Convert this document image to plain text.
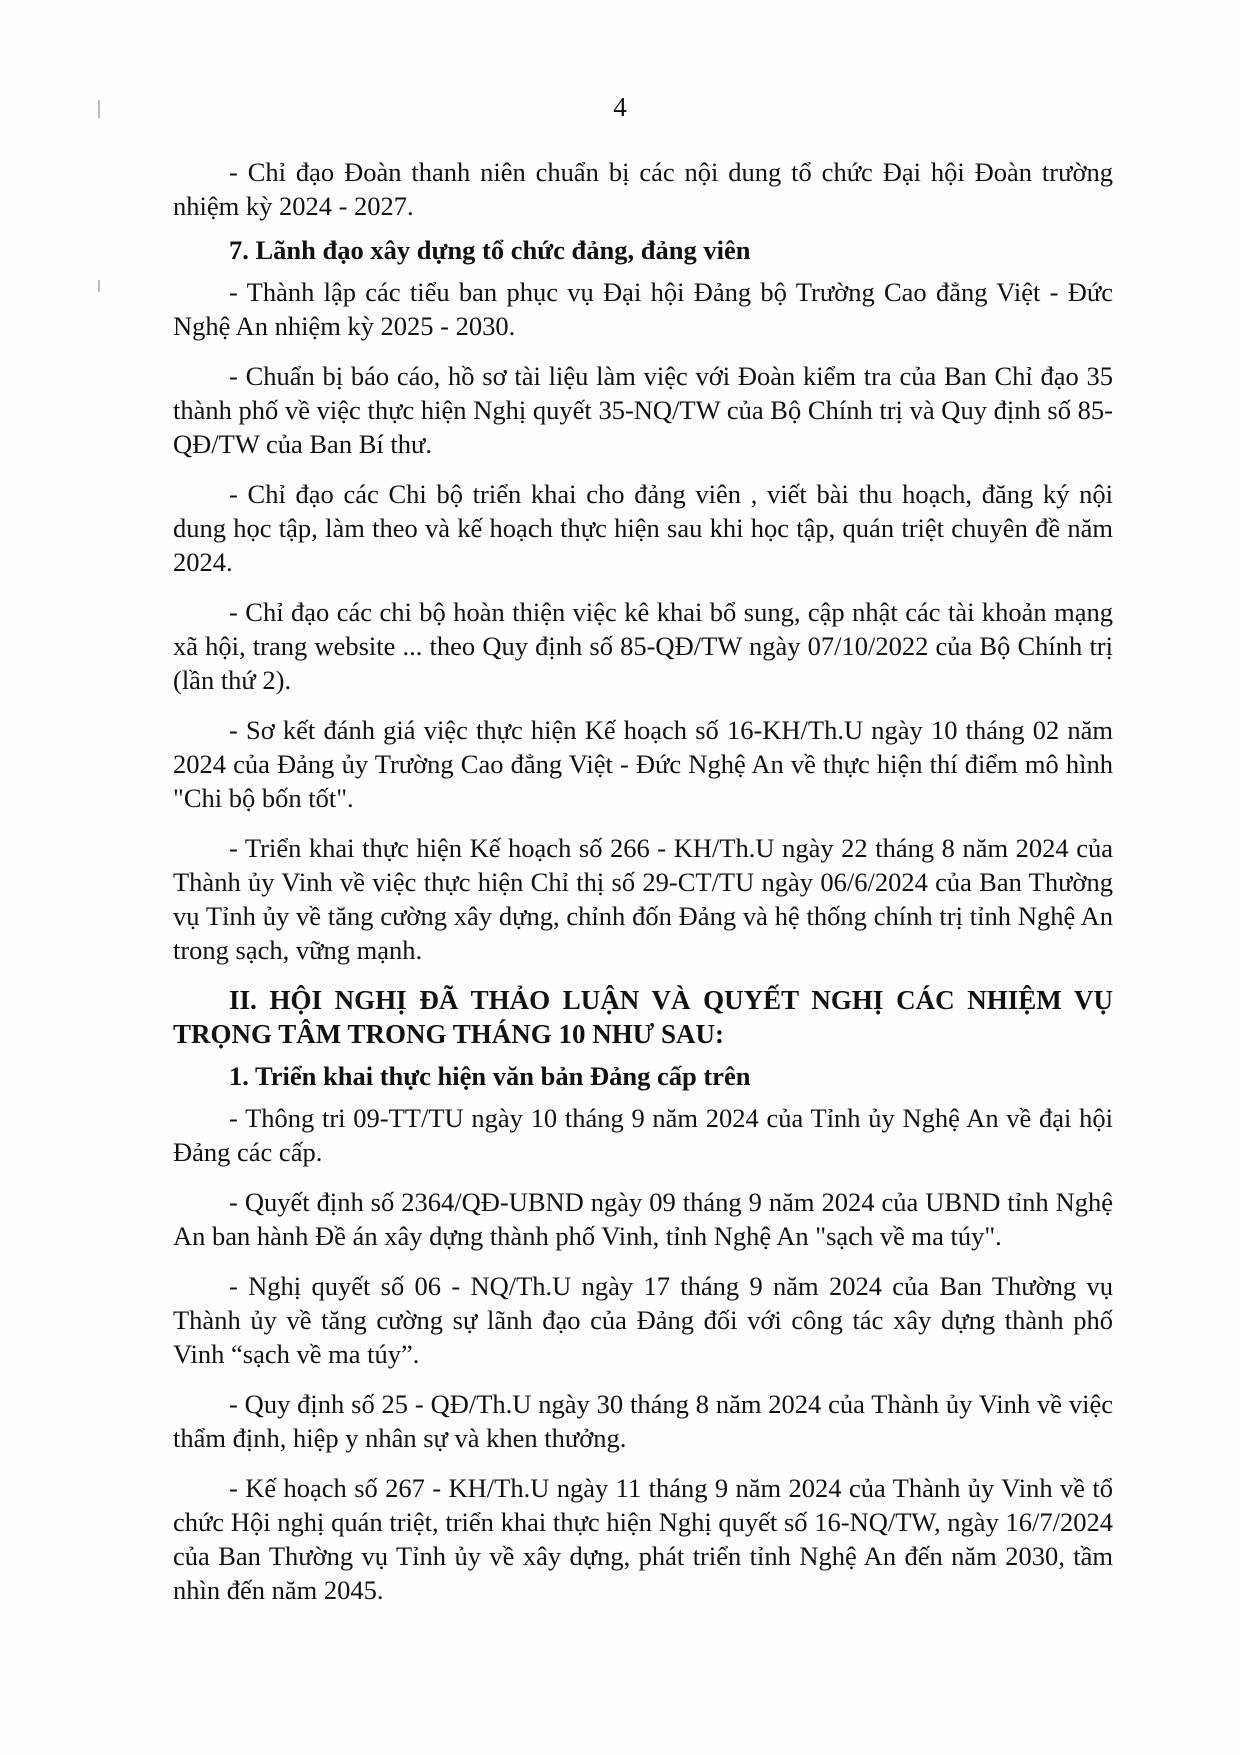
4

- Chỉ đạo Đoàn thanh niên chuẩn bị các nội dung tổ chức Đại hội Đoàn trường nhiệm kỳ 2024 - 2027.

7. Lãnh đạo xây dựng tổ chức đảng, đảng viên

- Thành lập các tiểu ban phục vụ Đại hội Đảng bộ Trường Cao đẳng Việt - Đức Nghệ An nhiệm kỳ 2025 - 2030.

- Chuẩn bị báo cáo, hồ sơ tài liệu làm việc với Đoàn kiểm tra của Ban Chỉ đạo 35 thành phố về việc thực hiện Nghị quyết 35-NQ/TW của Bộ Chính trị và Quy định số 85-QĐ/TW của Ban Bí thư.

- Chỉ đạo các Chi bộ triển khai cho đảng viên , viết bài thu hoạch, đăng ký nội dung học tập, làm theo và kế hoạch thực hiện sau khi học tập, quán triệt chuyên đề năm 2024.

- Chỉ đạo các chi bộ hoàn thiện việc kê khai bổ sung, cập nhật các tài khoản mạng xã hội, trang website ... theo Quy định số 85-QĐ/TW ngày 07/10/2022 của Bộ Chính trị (lần thứ 2).

- Sơ kết đánh giá việc thực hiện Kế hoạch số 16-KH/Th.U ngày 10 tháng 02 năm 2024 của Đảng ủy Trường Cao đẳng Việt - Đức Nghệ An về thực hiện thí điểm mô hình "Chi bộ bốn tốt".

- Triển khai thực hiện Kế hoạch số 266 - KH/Th.U ngày 22 tháng 8 năm 2024 của Thành ủy Vinh về việc thực hiện Chỉ thị số 29-CT/TU ngày 06/6/2024 của Ban Thường vụ Tỉnh ủy về tăng cường xây dựng, chỉnh đốn Đảng và hệ thống chính trị tỉnh Nghệ An trong sạch, vững mạnh.

II. HỘI NGHỊ ĐÃ THẢO LUẬN VÀ QUYẾT NGHỊ CÁC NHIỆM VỤ TRỌNG TÂM TRONG THÁNG 10 NHƯ SAU:

1. Triển khai thực hiện văn bản Đảng cấp trên

- Thông tri 09-TT/TU ngày 10 tháng 9 năm 2024 của Tỉnh ủy Nghệ An về đại hội Đảng các cấp.

- Quyết định số 2364/QĐ-UBND ngày 09 tháng 9 năm 2024 của UBND tỉnh Nghệ An ban hành Đề án xây dựng thành phố Vinh, tỉnh Nghệ An "sạch về ma túy".

- Nghị quyết số 06 - NQ/Th.U ngày 17 tháng 9 năm 2024 của Ban Thường vụ Thành ủy về tăng cường sự lãnh đạo của Đảng đối với công tác xây dựng thành phố Vinh “sạch về ma túy”.

- Quy định số 25 - QĐ/Th.U ngày 30 tháng 8 năm 2024 của Thành ủy Vinh về việc thẩm định, hiệp y nhân sự và khen thưởng.

- Kế hoạch số 267 - KH/Th.U ngày 11 tháng 9 năm 2024 của Thành ủy Vinh về tổ chức Hội nghị quán triệt, triển khai thực hiện Nghị quyết số 16-NQ/TW, ngày 16/7/2024 của Ban Thường vụ Tỉnh ủy về xây dựng, phát triển tỉnh Nghệ An đến năm 2030, tầm nhìn đến năm 2045.
